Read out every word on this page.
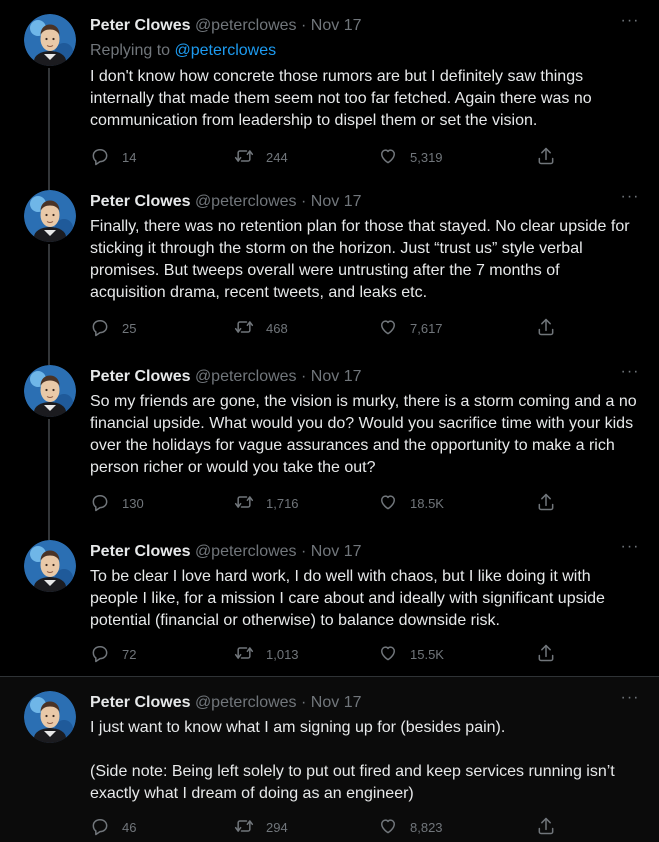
Peter Clowes @peterclowes · Nov 17	···
Replying to @peterclowes
I don't know how concrete those rumors are but I definitely saw things internally that made them seem not too far fetched. Again there was no communication from leadership to dispel them or set the vision.
14	244	5,319
Peter Clowes @peterclowes · Nov 17	···
Finally, there was no retention plan for those that stayed. No clear upside for sticking it through the storm on the horizon. Just “trust us” style verbal promises. But tweeps overall were untrusting after the 7 months of acquisition drama, recent tweets, and leaks etc.
25	468	7,617
Peter Clowes @peterclowes · Nov 17	···
So my friends are gone, the vision is murky, there is a storm coming and a no financial upside. What would you do? Would you sacrifice time with your kids over the holidays for vague assurances and the opportunity to make a rich person richer or would you take the out?
130	1,716	18.5K
Peter Clowes @peterclowes · Nov 17	···
To be clear I love hard work, I do well with chaos, but I like doing it with people I like, for a mission I care about and ideally with significant upside potential (financial or otherwise) to balance downside risk.
72	1,013	15.5K
Peter Clowes @peterclowes · Nov 17	···
I just want to know what I am signing up for (besides pain).

(Side note: Being left solely to put out fired and keep services running isn’t exactly what I dream of doing as an engineer)
46	294	8,823
